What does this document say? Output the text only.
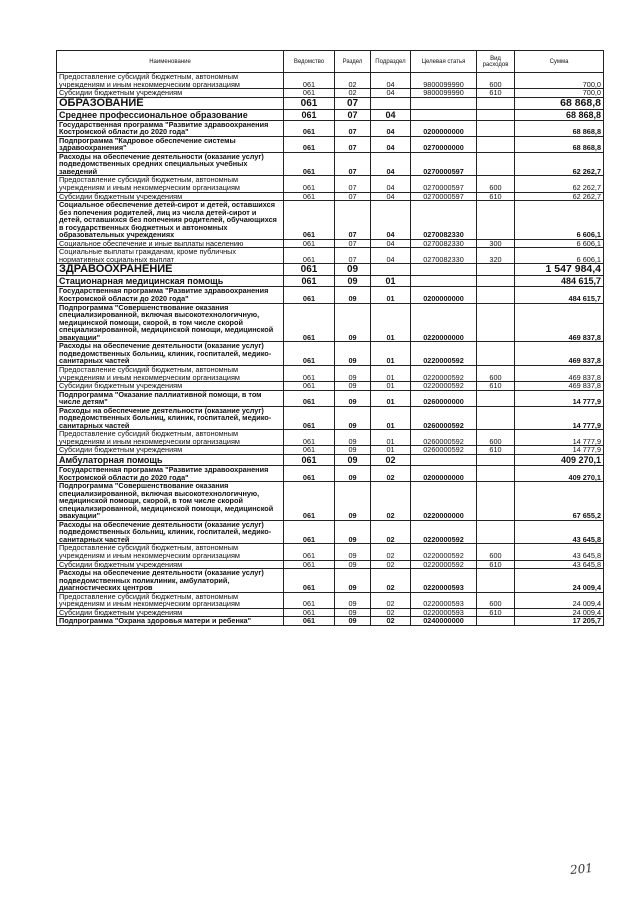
Наименование	Ведомство	Раздел	Подраздел	Целевая статья	Вид расходов	Сумма
Предоставление субсидий бюджетным, автономным учреждениям и иным некоммерческим организациям	061	02	04	9800099990	600	700,0
Субсидии бюджетным учреждениям	061	02	04	9800099990	610	700,0
ОБРАЗОВАНИЕ	061	07				68 868,8
Среднее профессиональное образование	061	07	04			68 868,8
Государственная программа "Развитие здравоохранения Костромской области до 2020 года"	061	07	04	0200000000		68 868,8
Подпрограмма "Кадровое обеспечение системы здравоохранения"	061	07	04	0270000000		68 868,8
Расходы на обеспечение деятельности (оказание услуг) подведомственных средних специальных учебных заведений	061	07	04	0270000597		62 262,7
Предоставление субсидий бюджетным, автономным учреждениям и иным некоммерческим организациям	061	07	04	0270000597	600	62 262,7
Субсидии бюджетным учреждениям	061	07	04	0270000597	610	62 262,7
Социальное обеспечение детей-сирот и детей, оставшихся без попечения родителей, лиц из числа детей-сирот и детей, оставшихся без попечения родителей, обучающихся в государственных бюджетных и автономных образовательных учреждениях	061	07	04	0270082330		6 606,1
Социальное обеспечение и иные выплаты населению	061	07	04	0270082330	300	6 606,1
Социальные выплаты гражданам, кроме публичных нормативных социальных выплат	061	07	04	0270082330	320	6 606,1
ЗДРАВООХРАНЕНИЕ	061	09				1 547 984,4
Стационарная медицинская помощь	061	09	01			484 615,7
Государственная программа "Развитие здравоохранения Костромской области до 2020 года"	061	09	01	0200000000		484 615,7
Подпрограмма "Совершенствование оказания специализированной, включая высокотехнологичную, медицинской помощи, скорой, в том числе скорой специализированной, медицинской помощи, медицинской эвакуации"	061	09	01	0220000000		469 837,8
Расходы на обеспечение деятельности (оказание услуг) подведомственных больниц, клиник, госпиталей, медико-санитарных частей	061	09	01	0220000592		469 837,8
Предоставление субсидий бюджетным, автономным учреждениям и иным некоммерческим организациям	061	09	01	0220000592	600	469 837,8
Субсидии бюджетным учреждениям	061	09	01	0220000592	610	469 837,8
Подпрограмма "Оказание паллиативной помощи, в том числе детям"	061	09	01	0260000000		14 777,9
Расходы на обеспечение деятельности (оказание услуг) подведомственных больниц, клиник, госпиталей, медико-санитарных частей	061	09	01	0260000592		14 777,9
Предоставление субсидий бюджетным, автономным учреждениям и иным некоммерческим организациям	061	09	01	0260000592	600	14 777,9
Субсидии бюджетным учреждениям	061	09	01	0260000592	610	14 777,9
Амбулаторная помощь	061	09	02			409 270,1
Государственная программа "Развитие здравоохранения Костромской области до 2020 года"	061	09	02	0200000000		409 270,1
Подпрограмма "Совершенствование оказания специализированной, включая высокотехнологичную, медицинской помощи, скорой, в том числе скорой специализированной, медицинской помощи, медицинской эвакуации"	061	09	02	0220000000		67 655,2
Расходы на обеспечение деятельности (оказание услуг) подведомственных больниц, клиник, госпиталей, медико-санитарных частей	061	09	02	0220000592		43 645,8
Предоставление субсидий бюджетным, автономным учреждениям и иным некоммерческим организациям	061	09	02	0220000592	600	43 645,8
Субсидии бюджетным учреждениям	061	09	02	0220000592	610	43 645,8
Расходы на обеспечение деятельности (оказание услуг) подведомственных поликлиник, амбулаторий, диагностических центров	061	09	02	0220000593		24 009,4
Предоставление субсидий бюджетным, автономным учреждениям и иным некоммерческим организациям	061	09	02	0220000593	600	24 009,4
Субсидии бюджетным учреждениям	061	09	02	0220000593	610	24 009,4
Подпрограмма "Охрана здоровья матери и ребенка"	061	09	02	0240000000		17 205,7
201
